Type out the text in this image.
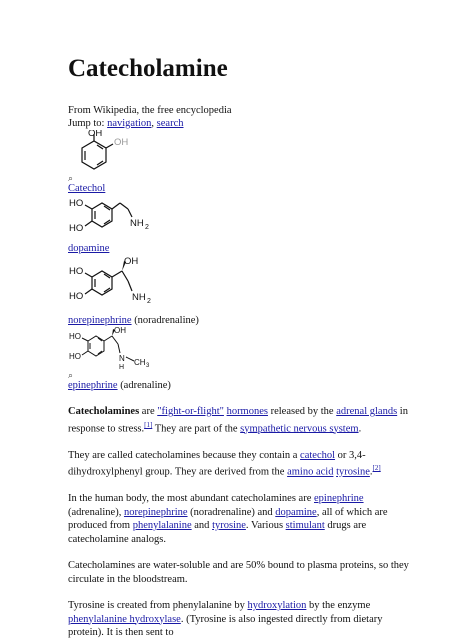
Catecholamine
From Wikipedia, the free encyclopedia
Jump to: navigation, search
OH
OH
⌕
Catechol
HO
HO	NH 2
dopamine
OH
HO
HO	NH 2
norepinephrine (noradrenaline)
OH
HO
HO	N
H
CH 3
⌕
epinephrine (adrenaline)

Catecholamines are "fight-or-flight" hormones released by the adrenal glands in response to stress.[1] They are part of the sympathetic nervous system.

They are called catecholamines because they contain a catechol or 3,4-dihydroxylphenyl group. They are derived from the amino acid tyrosine.[2]

In the human body, the most abundant catecholamines are epinephrine (adrenaline), norepinephrine (noradrenaline) and dopamine, all of which are produced from phenylalanine and tyrosine. Various stimulant drugs are catecholamine analogs.

Catecholamines are water-soluble and are 50% bound to plasma proteins, so they circulate in the bloodstream.

Tyrosine is created from phenylalanine by hydroxylation by the enzyme phenylalanine hydroxylase. (Tyrosine is also ingested directly from dietary protein). It is then sent to
